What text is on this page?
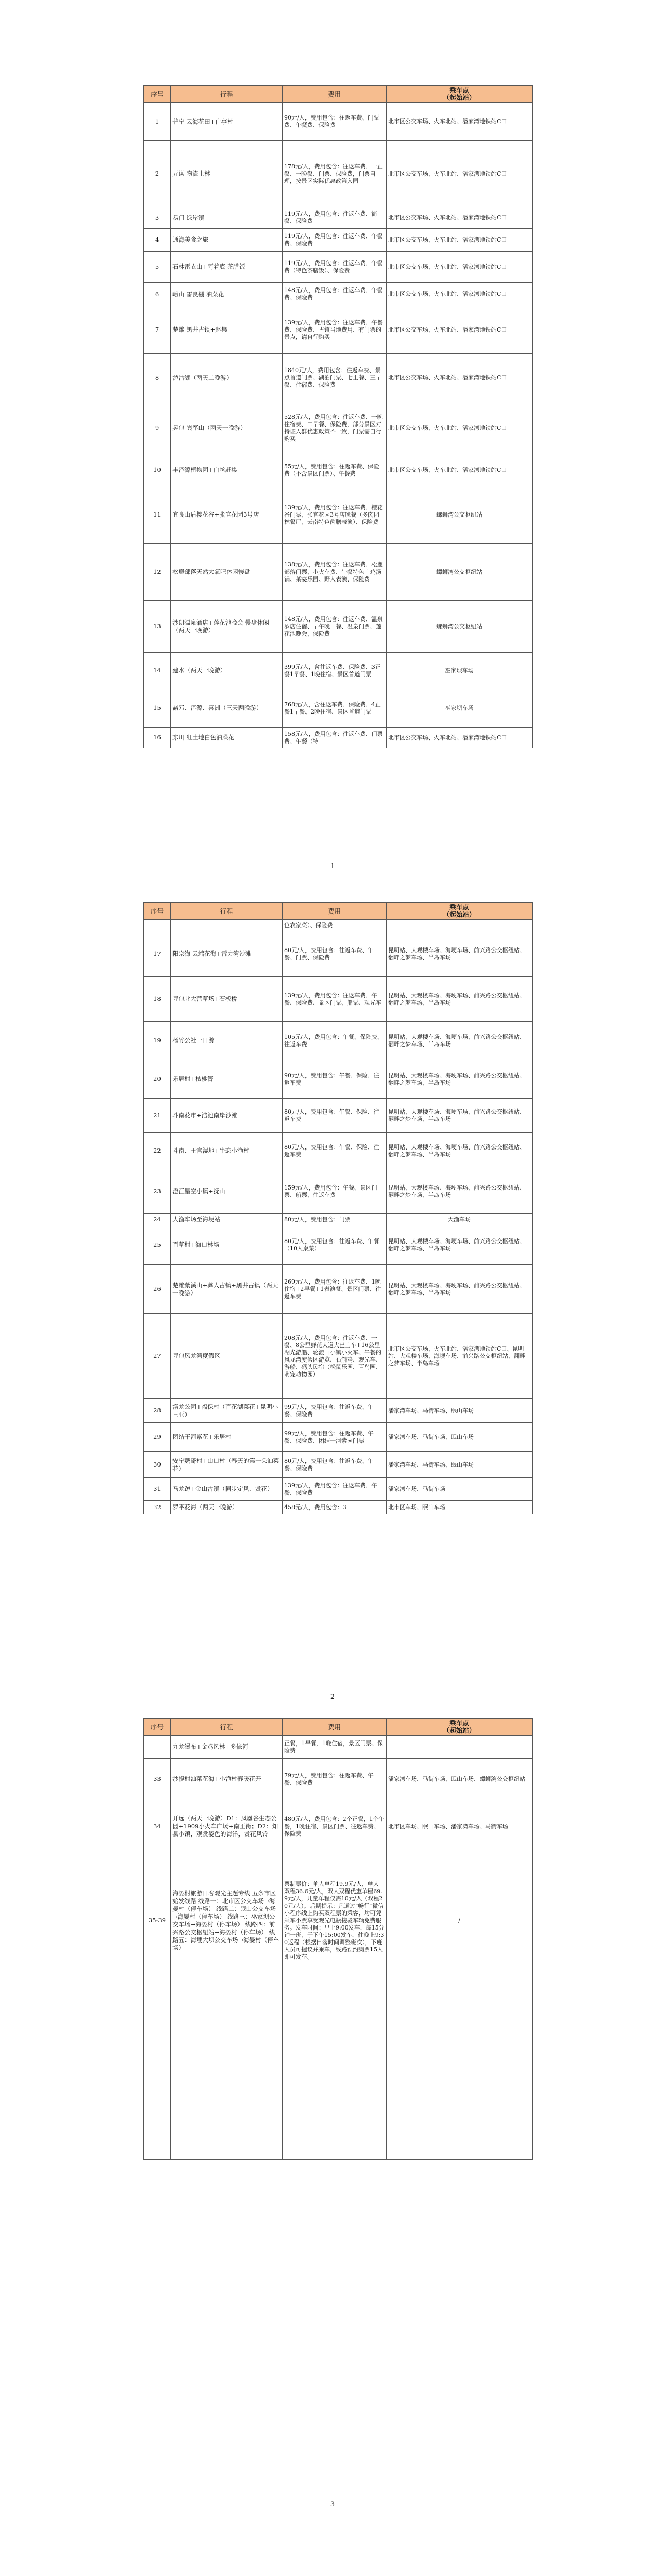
序号	行程	费用	乘车点
（起始站）
1	普宁 云海花田+白亭村	90元/人，费用包含：往返车费、门票费、午餐费、保险费	北市区公交车场、火车北站、潘家湾地铁站C口
2	元谋 物流土林	178元/人，费用包含：往返车费、一正餐、一晚餐、门票、保险费，门票自理，按景区实际优惠政策入园	北市区公交车场、火车北站、潘家湾地铁站C口
3	易门 绿岸镇	119元/人，费用包含：往返车费、简餐、保险费	北市区公交车场、火车北站、潘家湾地铁站C口
4	通海美食之旅	119元/人，费用包含：往返车费、午餐费、保险费	北市区公交车场、火车北站、潘家湾地铁站C口
5	石林雷衣山+阿着底 茶膳饭	119元/人，费用包含：往返车费、午餐费（特色茶膳饭）、保险费	北市区公交车场、火车北站、潘家湾地铁站C口
6	峨山 雷良棚 油菜花	148元/人，费用包含：往返车费、午餐费、保险费	北市区公交车场、火车北站、潘家湾地铁站C口
7	楚雄 黑井古镇+赵集	139元/人，费用包含：往返车费、午餐费、保险费、古镇当地费用、有门票的景点，请自行购买	北市区公交车场、火车北站、潘家湾地铁站C口
8	泸沽湖（两天二晚游）	1840元/人，费用包含：往返车费、景点首道门票、湖泊门票、七正餐、三早餐、住宿费、保险费	北市区公交车场、火车北站、潘家湾地铁站C口
9	晃甸 宾军山（两天一晚游）	528元/人，费用包含：往返车费、一晚住宿费、二早餐、保险费，部分景区对持证人群优惠政策不一致，门票需自行购买	北市区公交车场、火车北站、潘家湾地铁站C口
10	丰泽源植物园+白丝赶集	55元/人，费用包含：往返车费、保险费（不含景区门票）、午餐费	北市区公交车场、火车北站、潘家湾地铁站C口
11	宜良山后樱花谷+张官花园3号店	139元/人，费用包含：往返车费、樱花谷门票、张官花园3号店晚餐（多肉园林餐厅，云南特色菌膳表演）、保险费	螺蛳湾公交枢纽站
12	松鹿部落天然大氧吧休闲慢盘	138元/人，费用包含：往返车费、松鹿部落门票、小火车费、午餐特色土鸡汤锅、菜宴乐园、野人表演、保险费	螺蛳湾公交枢纽站
13	沙朗温泉酒店+莲花池晚会 慢盘休闲（两天一晚游）	148元/人，费用包含：往返车费、温泉酒店住宿、早午晚一餐、温泉门票、莲花池晚会、保险费	螺蛳湾公交枢纽站
14	建水（两天一晚游）	399元/人，含往返车费、保险费、3正餐1早餐、1晚住宿、景区首道门票	巫家坝车场
15	諾邓、洱源、喜洲（三天两晚游）	768元/人，含往返车费、保险费、4正餐1早餐、2晚住宿、景区首道门票	巫家坝车场
16	东川 红土地白色油菜花	158元/人，费用包含：往返车费、门票费、午餐（特	北市区公交车场、火车北站、潘家湾地铁站C口
1
序号	行程	费用	乘车点
（起始站）
		色农家菜）、保险费	
17	阳宗海 云端花海+雷力湾沙滩	80元/人，费用包含：往返车费、午餐、门票、保险费	昆明站、大观楼车场、海埂车场、前兴路公交枢纽站、翻畔之梦车场、半岛车场
18	寻甸北大营草场+石板桥	139元/人，费用包含：往返车费、午餐、保险费、景区门票、船票、观光车	昆明站、大观楼车场、海埂车场、前兴路公交枢纽站、翻畔之梦车场、半岛车场
19	杨竹公社一日游	105元/人，费用包含：午餐、保险费、往返车费	昆明站、大观楼车场、海埂车场、前兴路公交枢纽站、翻畔之梦车场、半岛车场
20	乐居村+核桃箐	90元/人，费用包含：午餐、保险、往返车费	昆明站、大观楼车场、海埂车场、前兴路公交枢纽站、翻畔之梦车场、半岛车场
21	斗南花市+浩池南岸沙滩	80元/人，费用包含：午餐、保险、往返车费	昆明站、大观楼车场、海埂车场、前兴路公交枢纽站、翻畔之梦车场、半岛车场
22	斗南、王官湿地+牛恋小渔村	80元/人，费用包含：午餐、保险、往返车费	昆明站、大观楼车场、海埂车场、前兴路公交枢纽站、翻畔之梦车场、半岛车场
23	澄江星空小镇+抚山	159元/人，费用包含：午餐、景区门票、船票、往返车费	昆明站、大观楼车场、海埂车场、前兴路公交枢纽站、翻畔之梦车场、半岛车场
24	大渔车场至海埂站	80元/人，费用包含：门票	大渔车场
25	百草村+海口林场	80元/人，费用包含：往返车费、午餐（10人桌菜）	昆明站、大观楼车场、海埂车场、前兴路公交枢纽站、翻畔之梦车场、半岛车场
26	楚雄紫溪山+彝人古镇+黑井古镇（两天一晚游）	269元/人，费用包含：往返车费、1晚住宿+2早餐+1表演餐、景区门票、往返车费	昆明站、大观楼车场、海埂车场、前兴路公交枢纽站、翻畔之梦车场、半岛车场
27	寻甸风龙湾度假区	208元/人，费用包含：往返车费、一餐、8公里鲜花大道大巴士车+16公里湖光游船、轮渡山小镇小火车、午餐的风龙湾度假区游览、石斛鸡、观光车、游船、码头民宿（松鼠乐园、百鸟园、萌宠动物园）	北市区公交车场、火车北站、潘家湾地铁站C口、昆明站、大观楼车场、海埂车场、前兴路公交枢纽站、翻畔之梦车场、半岛车场
28	洛龙公园+福保村（百花湖菜花+昆明小三亚）	99元/人，费用包含：往返车费、午餐、保险费	潘家湾车场、马街车场、眠山车场
29	团结干河紫花+乐居村	99元/人，费用包含：往返车费、午餐、保险费、团结干河紫园门票	潘家湾车场、马街车场、眠山车场
30	安宁鹦哥村+山口村（春天的第一朵油菜花）	80元/人，费用包含：往返车费、午餐、保险费	潘家湾车场、马街车场、眠山车场
31	马龙蹲+金山古镇（同步定风、赏花）	139元/人，费用包含：往返车费、午餐、保险费	潘家湾车场、马街车场
32	罗平花海（两天一晚游）	458元/人，费用包含：3	北市区车场、眠山车场
2
序号	行程	费用	乘车点
（起始站）
	九龙瀑布+金鸡风林+多依河	正餐，1早餐，1晚住宿，景区门票、保险费	
33	沙提村油菜花海+小渔村春暖花开	79元/人，费用包含：往返车费、午餐、保险费	潘家湾车场、马街车场、眠山车场、螺蛳湾公交枢纽站
34	开远（两天一晚游）D1：凤凰谷生态公园+1909小火车广场+南正街；D2：知县小镇，观赏姿色的海洋，赏花风铃	480元/人，费用包含：2个正餐，1个午餐，1晚住宿、景区门票、往返车费、保险费	北市区车场、眠山车场、潘家湾车场、马街车场
35-39	海晏村旅游日客观光主题专线 五条市区始发线路 线路一：北市区公交车场→海晏村（停车场） 线路二：眠山公交车场→海晏村（停车场） 线路三：巫家坝公交车场→海晏村（停车场） 线路四：前兴路公交枢纽站→海晏村（停车场） 线路五：海埂大坝公交车场→海晏村（停车场）	票制票价：单人单程19.9元/人，单人双程36.6元/人，双人双程优惠单程69.9元/人，儿童单程仅需10元/人（双程20元/人）。后期提示：凡通过"畅行"微信小程序线上购买双程票的乘客，均可凭乘车小票享受观光电瓶接驳车辆免费服务。发车时间：早上9:00发车，每15分钟一班，于下午15:00发车，往晚上9:30返程（根据日落时间调整班次），下班人员可提议并乘车，线路预约购票15人即可发车。	/

3
